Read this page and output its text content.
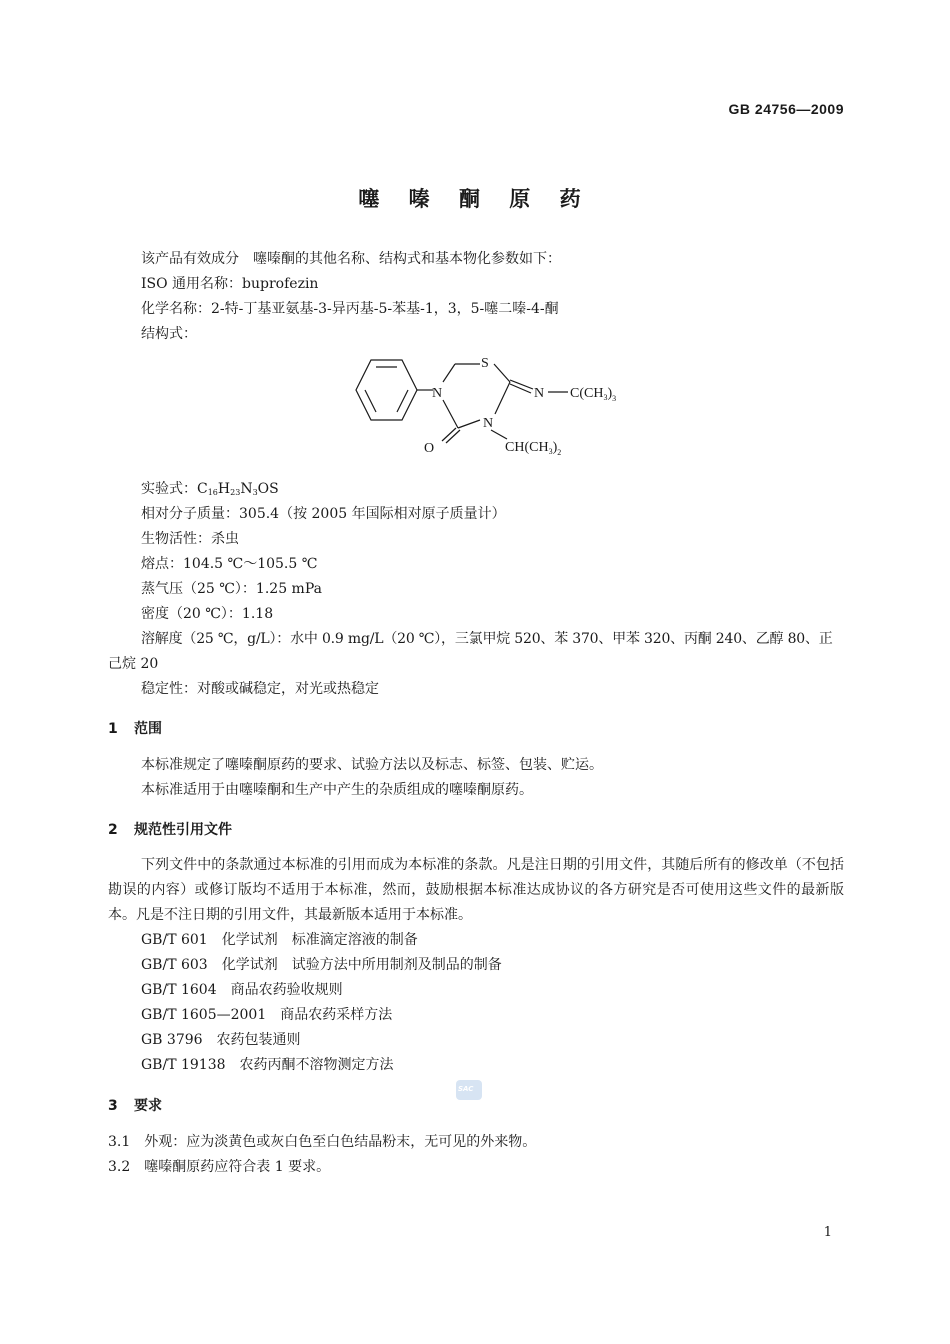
GB 24756—2009
噻 嗪 酮 原 药
该产品有效成分　噻嗪酮的其他名称、结构式和基本物化参数如下：
ISO 通用名称：buprofezin
化学名称：2-特-丁基亚氨基-3-异丙基-5-苯基-1，3，5-噻二嗪-4-酮
结构式：
S
N
N
N
O
$C(CH_3)_3$
$CH(CH_3)_2$
实验式：$C_{16}H_{23}N_3OS$
相对分子质量：305.4（按 2005 年国际相对原子质量计）
生物活性：杀虫
熔点：104.5 ℃～105.5 ℃
蒸气压（25 ℃）：1.25 mPa
密度（20 ℃）：1.18
溶解度（25 ℃，g/L）：水中 0.9 mg/L（20 ℃），三氯甲烷 520、苯 370、甲苯 320、丙酮 240、乙醇 80、正
己烷 20
稳定性：对酸或碱稳定，对光或热稳定
1 范围
本标准规定了噻嗪酮原药的要求、试验方法以及标志、标签、包装、贮运。
本标准适用于由噻嗪酮和生产中产生的杂质组成的噻嗪酮原药。
2 规范性引用文件
下列文件中的条款通过本标准的引用而成为本标准的条款。凡是注日期的引用文件，其随后所有的修改单（不包括勘误的内容）或修订版均不适用于本标准，然而，鼓励根据本标准达成协议的各方研究是否可使用这些文件的最新版本。凡是不注日期的引用文件，其最新版本适用于本标准。
GB/T 601　化学试剂　标准滴定溶液的制备
GB/T 603　化学试剂　试验方法中所用制剂及制品的制备
GB/T 1604　商品农药验收规则
GB/T 1605—2001　商品农药采样方法
GB 3796　农药包装通则
GB/T 19138　农药丙酮不溶物测定方法
SAC
3 要求
3.1　外观：应为淡黄色或灰白色至白色结晶粉末，无可见的外来物。
3.2　噻嗪酮原药应符合表 1 要求。
1
